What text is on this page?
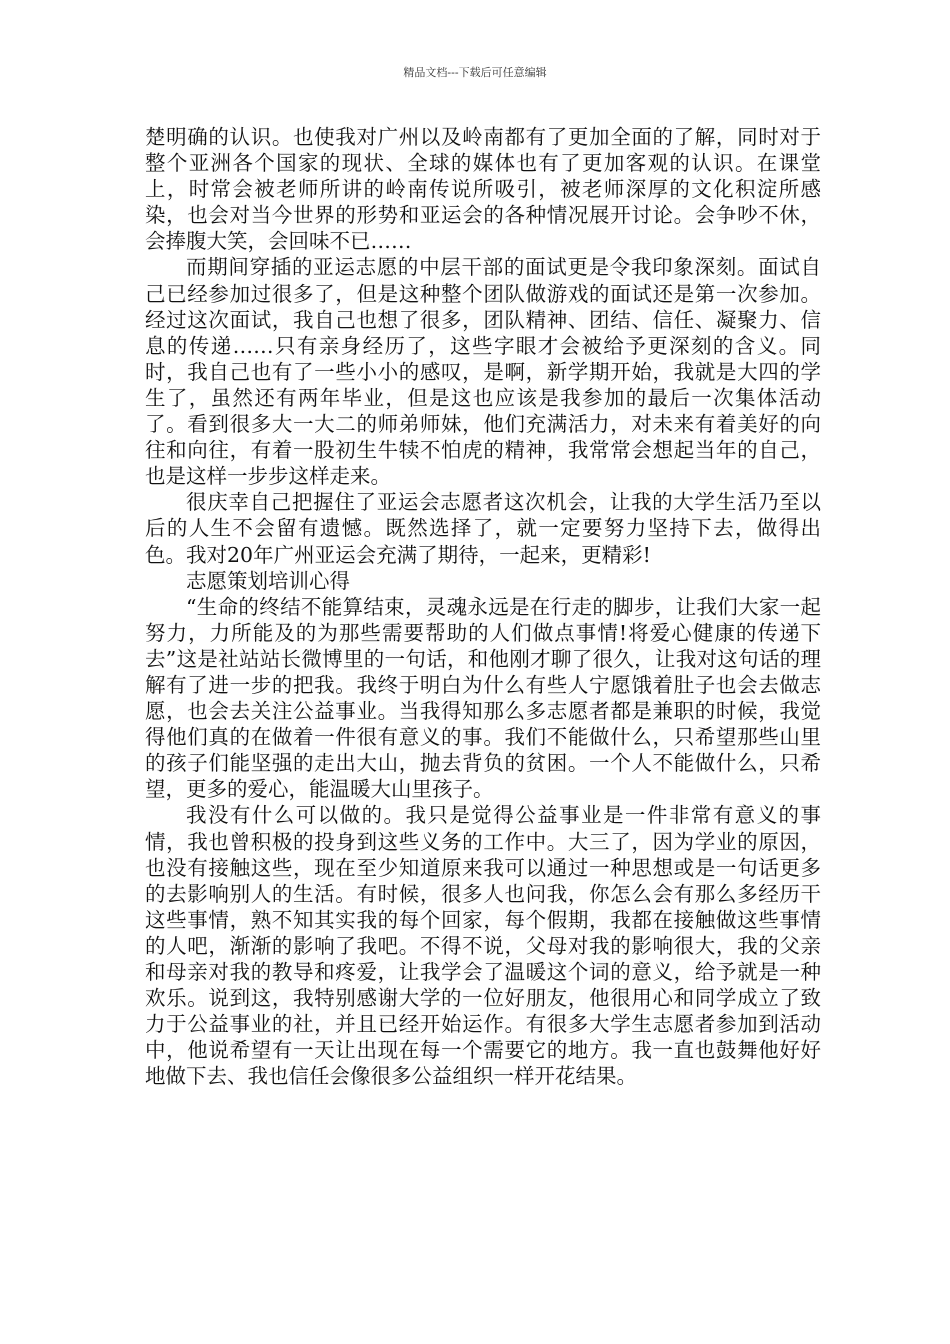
精品文档---下载后可任意编辑

楚明确的认识。也使我对广州以及岭南都有了更加全面的了解，同时对于整个亚洲各个国家的现状、全球的媒体也有了更加客观的认识。在课堂上，时常会被老师所讲的岭南传说所吸引，被老师深厚的文化积淀所感染，也会对当今世界的形势和亚运会的各种情况展开讨论。会争吵不休，会捧腹大笑，会回味不已……

而期间穿插的亚运志愿的中层干部的面试更是令我印象深刻。面试自己已经参加过很多了，但是这种整个团队做游戏的面试还是第一次参加。经过这次面试，我自己也想了很多，团队精神、团结、信任、凝聚力、信息的传递……只有亲身经历了，这些字眼才会被给予更深刻的含义。同时，我自己也有了一些小小的感叹，是啊，新学期开始，我就是大四的学生了，虽然还有两年毕业，但是这也应该是我参加的最后一次集体活动了。看到很多大一大二的师弟师妹，他们充满活力，对未来有着美好的向往和向往，有着一股初生牛犊不怕虎的精神，我常常会想起当年的自己，也是这样一步步这样走来。

很庆幸自己把握住了亚运会志愿者这次机会，让我的大学生活乃至以后的人生不会留有遗憾。既然选择了，就一定要努力坚持下去，做得出色。我对20年广州亚运会充满了期待，一起来，更精彩!

志愿策划培训心得

“生命的终结不能算结束，灵魂永远是在行走的脚步，让我们大家一起努力，力所能及的为那些需要帮助的人们做点事情!将爱心健康的传递下去”这是社站站长微博里的一句话，和他刚才聊了很久，让我对这句话的理解有了进一步的把我。我终于明白为什么有些人宁愿饿着肚子也会去做志愿，也会去关注公益事业。当我得知那么多志愿者都是兼职的时候，我觉得他们真的在做着一件很有意义的事。我们不能做什么，只希望那些山里的孩子们能坚强的走出大山，抛去背负的贫困。一个人不能做什么，只希望，更多的爱心，能温暖大山里孩子。

我没有什么可以做的。我只是觉得公益事业是一件非常有意义的事情，我也曾积极的投身到这些义务的工作中。大三了，因为学业的原因，也没有接触这些，现在至少知道原来我可以通过一种思想或是一句话更多的去影响别人的生活。有时候，很多人也问我，你怎么会有那么多经历干这些事情，熟不知其实我的每个回家，每个假期，我都在接触做这些事情的人吧，渐渐的影响了我吧。不得不说，父母对我的影响很大，我的父亲和母亲对我的教导和疼爱，让我学会了温暖这个词的意义，给予就是一种欢乐。说到这，我特别感谢大学的一位好朋友，他很用心和同学成立了致力于公益事业的社，并且已经开始运作。有很多大学生志愿者参加到活动中，他说希望有一天让出现在每一个需要它的地方。我一直也鼓舞他好好地做下去、我也信任会像很多公益组织一样开花结果。
